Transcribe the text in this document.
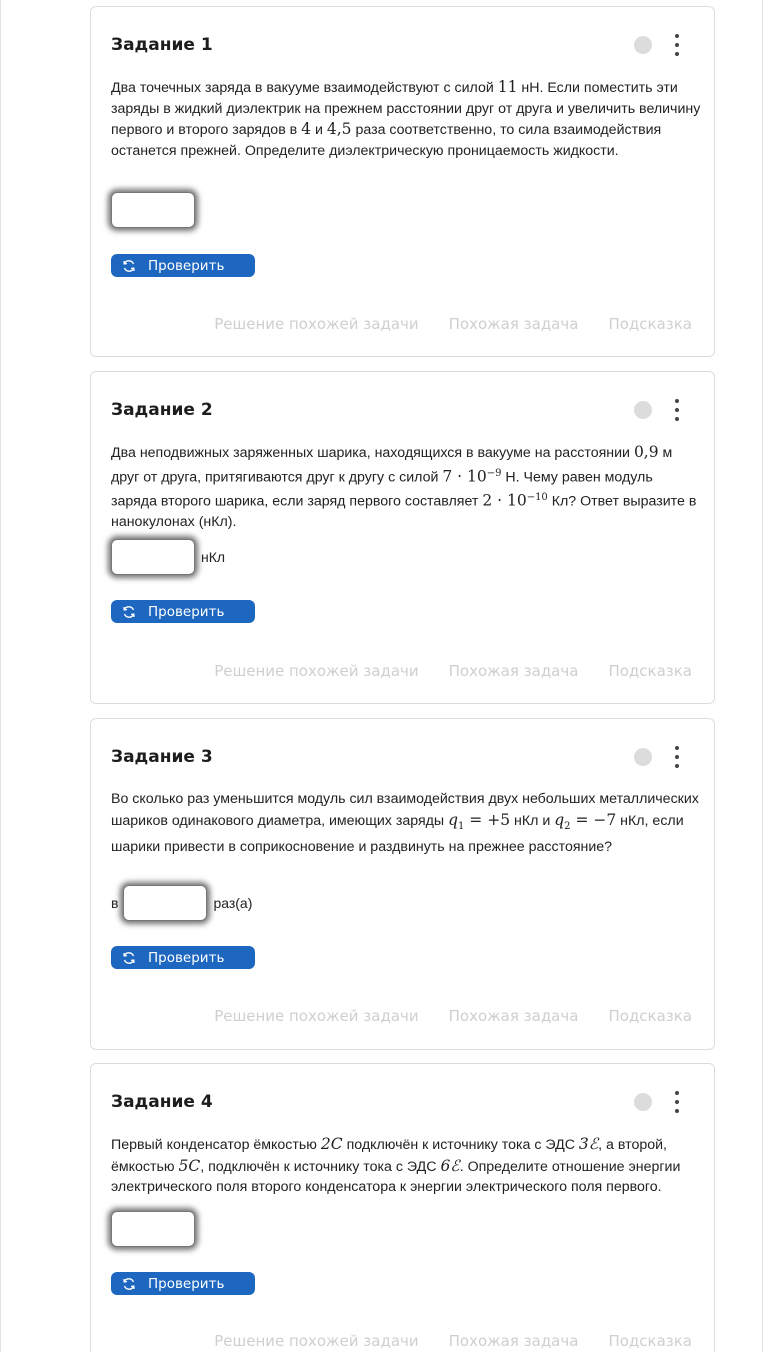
Задание 1
Два точечных заряда в вакууме взаимодействуют с силой 11 нН. Если поместить эти заряды в жидкий диэлектрик на прежнем расстоянии друг от друга и увеличить величину первого и второго зарядов в 4 и 4,5 раза соответственно, то сила взаимодействия останется прежней. Определите диэлектрическую проницаемость жидкости.
Проверить
Решение похожей задачи Похожая задача Подсказка
Задание 2
Два неподвижных заряженных шарика, находящихся в вакууме на расстоянии 0,9 м друг от друга, притягиваются друг к другу с силой $7 \cdot 10^{-9}$ Н. Чему равен модуль заряда второго шарика, если заряд первого составляет $2 \cdot 10^{-10}$ Кл? Ответ выразите в нанокулонах (нКл).
нКл
Проверить
Решение похожей задачи Похожая задача Подсказка
Задание 3
Во сколько раз уменьшится модуль сил взаимодействия двух небольших металлических шариков одинакового диаметра, имеющих заряды $q_1 = +5$ нКл и $q_2 = -7$ нКл, если шарики привести в соприкосновение и раздвинуть на прежнее расстояние?
в	раз(а)
Проверить
Решение похожей задачи Похожая задача Подсказка
Задание 4
Первый конденсатор ёмкостью 2C подключён к источнику тока с ЭДС 3ℰ, а второй, ёмкостью 5C, подключён к источнику тока с ЭДС 6ℰ. Определите отношение энергии электрического поля второго конденсатора к энергии электрического поля первого.
Проверить
Решение похожей задачи Похожая задача Подсказка
